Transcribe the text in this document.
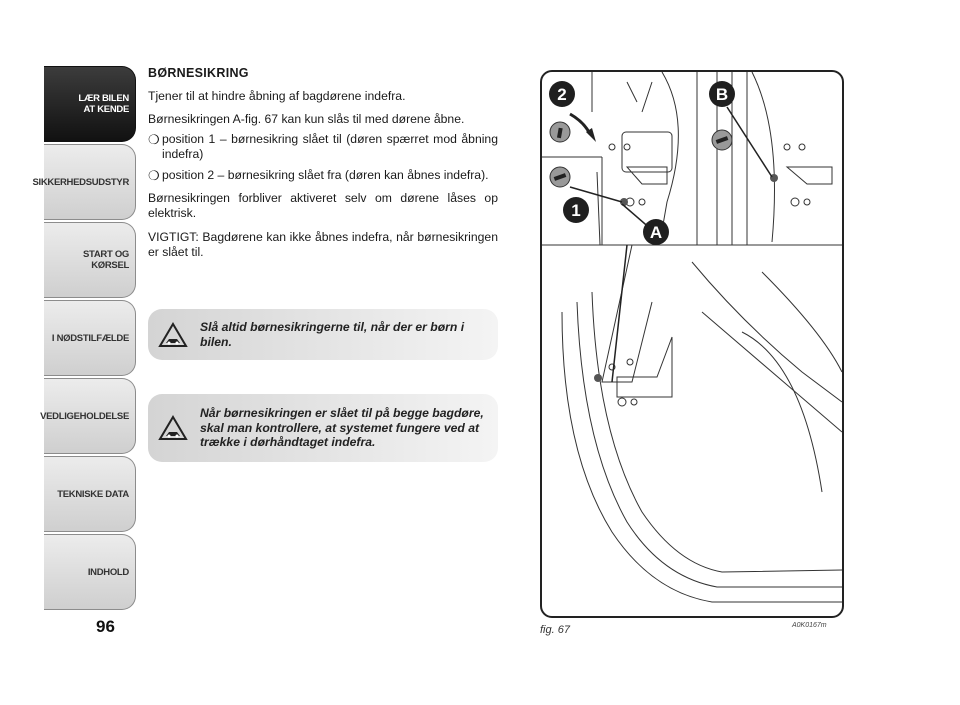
LÆR BILEN
AT KENDE
SIKKERHEDSUDSTYR
START OG KØRSEL
I NØDSTILFÆLDE
VEDLIGEHOLDELSE
TEKNISKE DATA
INDHOLD
96
BØRNESIKRING

Tjener til at hindre åbning af bagdørene indefra.

Børnesikringen A-fig. 67 kan kun slås til med dørene åbne.

❍ position 1 – børnesikring slået til (døren spærret mod åbning indefra)
❍ position 2 – børnesikring slået fra (døren kan åbnes indefra).

Børnesikringen forbliver aktiveret selv om dørene låses op elektrisk.

VIGTIGT: Bagdørene kan ikke åbnes indefra, når børnesikringen er slået til.

Slå altid børnesikringerne til, når der er børn i bilen.
Når børnesikringen er slået til på begge bagdøre, skal man kontrollere, at systemet fungere ved at trække i dørhåndtaget indefra.
2	B
1
A
fig. 67	A0K0167m
